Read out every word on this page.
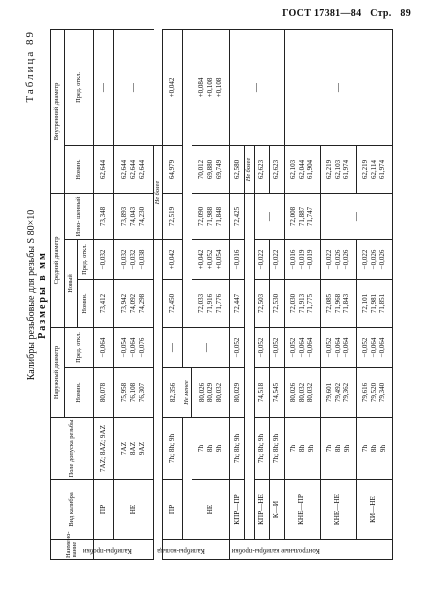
ГОСТ 17381—84 Стр. 89
Таблица 89
Калибры резьбовые для резьбы S 80×10 Размеры в мм
Наимено- вание	Вид калибра	Поле допуска резьбы	Наружный диаметр		Средний диаметр			Внутренний диаметр	
			Номин.	Пред. откл.	Новый		Изно- шенный	Номин.	Пред. откл.
					Номин.	Пред. откл.			

Калибры-пробки	ПР	7AZ; 8AZ; 9AZ	80,078	−0,064	73,412	−0,032	73,348	62,644	—
	НЕ	7AZ
8AZ
9AZ	75,958
76,108
76,307	−0,054
−0,064
−0,076	73,942
74,092
74,298	−0,032
−0,032
−0,038	73,893
74,043
74,230	62,644
62,644
62,644	—
							Не более		

Калибры-кольца	ПР	7h; 8h; 9h	82,356	—	72,450	+0,042	72,519	64,979	+0,042
			Не менее	—					
	НЕ	7h
8h
9h	80,026
80,029
80,032		72,033
71,916
71,776	+0,042
+0,052
+0,054	72,090
71,988
71,848	70,012
69,880
69,749	+0,084
+0,108
+0,108

Контрольные калибры-пробки	КПР—ПР	7h; 8h; 9h	80,029	−0,052	72,447	−0,016	72,425	62,580	—
								Не более	
	КПР—НЕ	7h; 8h; 9h	74,518	−0,052	72,503	−0,022	—	62,623	
	К—И	7h; 8h; 9h	74,545	−0,052	72,530	−0,022		62,623	
	КНЕ—ПР	7h
8h
9h	80,026
80,032
80,032	−0,052
−0,064
−0,064	72,030
71,913
71,775	−0,016
−0,019
−0,019	72,008
71,887
71,747	62,103
62,044
61,904	—
	КНЕ—НЕ	7h
8h
9h	79,601
79,492
79,362	−0,052
−0,064
−0,064	72,085
71,968
71,843	−0,022
−0,026
−0,026	—	62,219
62,103
61,974	
	КИ—НЕ	7h
8h
9h	79,616
79,520
79,340	−0,052
−0,064
−0,064	72,101
71,981
71,851	−0,022
−0,026
−0,026		62,219
62,114
61,974	
